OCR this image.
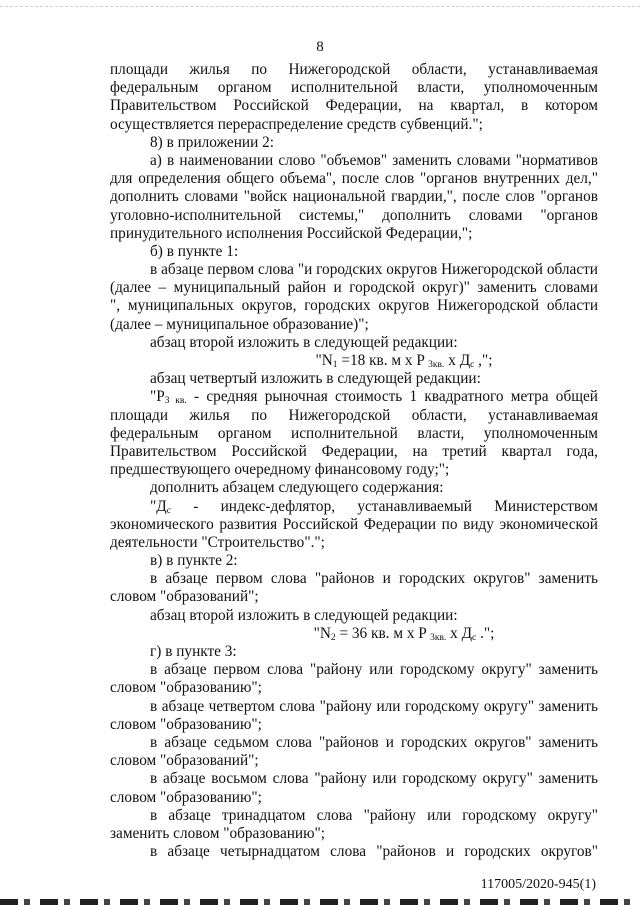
8
площади жилья по Нижегородской области, устанавливаемая
федеральным органом исполнительной власти, уполномоченным
Правительством Российской Федерации, на квартал, в котором
осуществляется перераспределение средств субвенций.";
8) в приложении 2:
а) в наименовании слово "объемов" заменить словами "нормативов
для определения общего объема", после слов "органов внутренних дел,"
дополнить словами "войск национальной гвардии,", после слов "органов
уголовно-исполнительной системы," дополнить словами "органов
принудительного исполнения Российской Федерации,";
б) в пункте 1:
в абзаце первом слова "и городских округов Нижегородской области
(далее – муниципальный район и городской округ)" заменить словами
", муниципальных округов, городских округов Нижегородской области
(далее – муниципальное образование)";
абзац второй изложить в следующей редакции:
"$N_1 =18$ кв. м x P $_{3кв.}$ x $Д_с$ ,";
абзац четвертый изложить в следующей редакции:
"$P_{3 кв.}$ - средняя рыночная стоимость 1 квадратного метра общей
площади жилья по Нижегородской области, устанавливаемая
федеральным органом исполнительной власти, уполномоченным
Правительством Российской Федерации, на третий квартал года,
предшествующего очередному финансовому году;";
дополнить абзацем следующего содержания:
"$Д_с$ - индекс-дефлятор, устанавливаемый Министерством
экономического развития Российской Федерации по виду экономической
деятельности "Строительство".";
в) в пункте 2:
в абзаце первом слова "районов и городских округов" заменить
словом "образований";
абзац второй изложить в следующей редакции:
"$N_2 = 36$ кв. м x P $_{3кв.}$ x $Д_с$ .";
г) в пункте 3:
в абзаце первом слова "району или городскому округу" заменить
словом "образованию";
в абзаце четвертом слова "району или городскому округу" заменить
словом "образованию";
в абзаце седьмом слова "районов и городских округов" заменить
словом "образований";
в абзаце восьмом слова "району или городскому округу" заменить
словом "образованию";
в абзаце тринадцатом слова "району или городскому округу"
заменить словом "образованию";
в абзаце четырнадцатом слова "районов и городских округов"
117005/2020-945(1)
